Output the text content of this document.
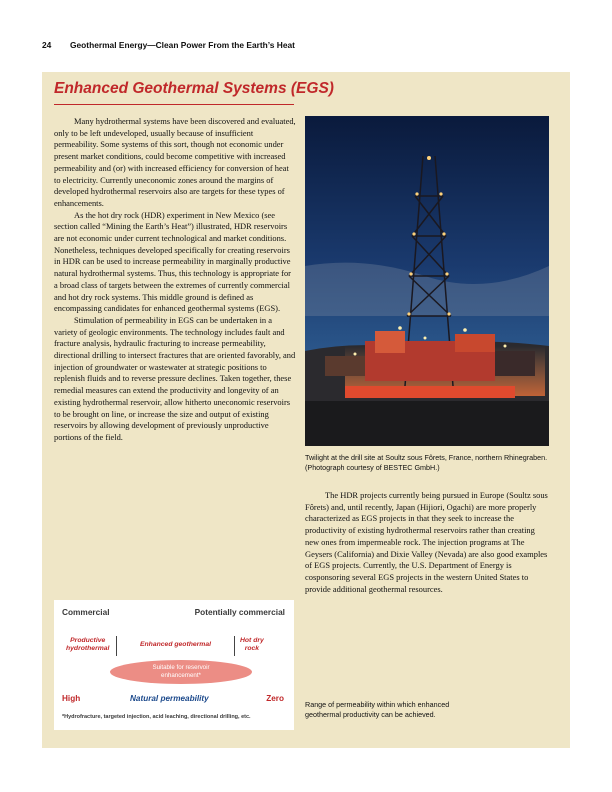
24 Geothermal Energy—Clean Power From the Earth’s Heat
Enhanced Geothermal Systems (EGS)

Many hydrothermal systems have been discovered and evaluated, only to be left undeveloped, usually because of insufficient permeability. Some systems of this sort, though not economic under present market conditions, could become competitive with increased permeability and (or) with increased efficiency for conversion of heat to electricity. Currently uneconomic zones around the margins of developed hydrothermal reservoirs also are targets for these types of enhancements.

As the hot dry rock (HDR) experiment in New Mexico (see section called “Mining the Earth’s Heat”) illustrated, HDR reservoirs are not economic under current technological and market conditions. Nonetheless, techniques developed specifically for creating reservoirs in HDR can be used to increase permeability in marginally productive natural hydrothermal systems. Thus, this technology is appropriate for a broad class of targets between the extremes of currently commercial and hot dry rock systems. This middle ground is defined as encompassing candidates for enhanced geothermal systems (EGS).

Stimulation of permeability in EGS can be undertaken in a variety of geologic environments. The technology includes fault and fracture analysis, hydraulic fracturing to increase permeability, directional drilling to intersect fractures that are oriented favorably, and injection of groundwater or wastewater at strategic positions to replenish fluids and to reverse pressure declines. Taken together, these remedial measures can extend the productivity and longevity of an existing hydrothermal reservoir, allow hitherto uneconomic reservoirs to be brought on line, or increase the size and output of existing reservoirs by allowing development of previously unproductive portions of the field.

Twilight at the drill site at Soultz sous Fôrets, France, northern Rhinegraben. (Photograph courtesy of BESTEC GmbH.)

The HDR projects currently being pursued in Europe (Soultz sous Fôrets) and, until recently, Japan (Hijiori, Ogachi) are more properly characterized as EGS projects in that they seek to increase the productivity of existing hydrothermal reservoirs rather than creating new ones from impermeable rock. The injection programs at The Geysers (California) and Dixie Valley (Nevada) are also good examples of EGS projects. Currently, the U.S. Department of Energy is cosponsoring several EGS projects in the western United States to provide additional geothermal resources.

Commercial	Potentially commercial
Productive
hydrothermal
Enhanced geothermal
Hot dry
rock
Suitable for reservoir
enhancement*
High	Natural permeability	Zero
*Hydrofracture, targeted injection, acid leaching, directional drilling, etc.

Range of permeability within which enhanced geothermal productivity can be achieved.
